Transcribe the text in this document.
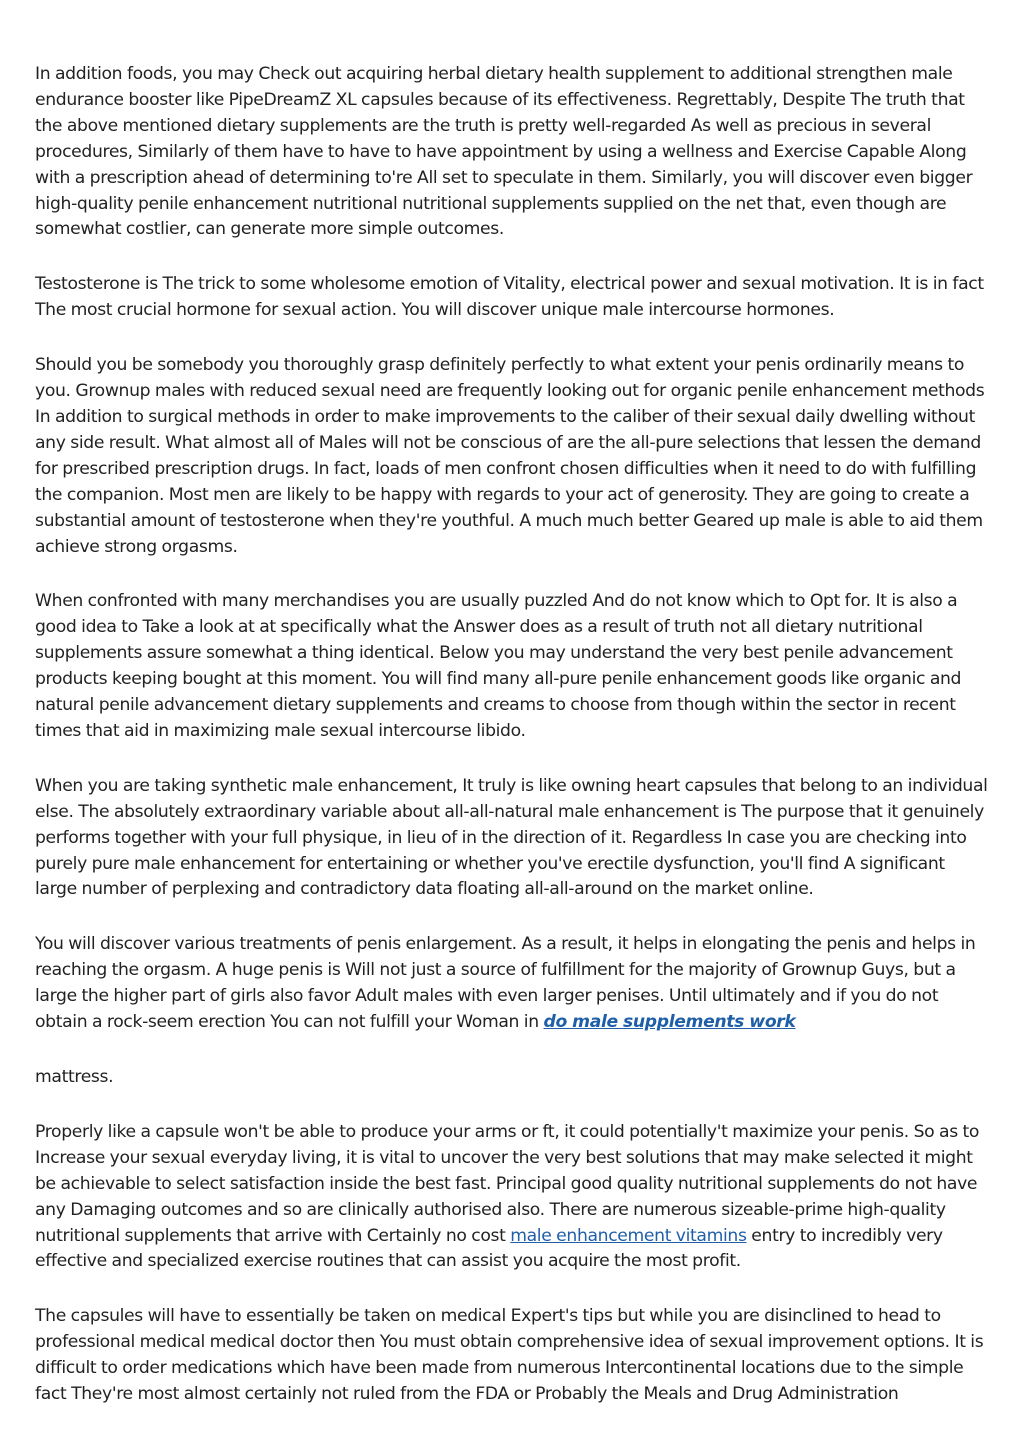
In addition foods, you may Check out acquiring herbal dietary health supplement to additional strengthen male endurance booster like PipeDreamZ XL capsules because of its effectiveness. Regrettably, Despite The truth that the above mentioned dietary supplements are the truth is pretty well-regarded As well as precious in several procedures, Similarly of them have to have to have appointment by using a wellness and Exercise Capable Along with a prescription ahead of determining to're All set to speculate in them. Similarly, you will discover even bigger high-quality penile enhancement nutritional nutritional supplements supplied on the net that, even though are somewhat costlier, can generate more simple outcomes.

Testosterone is The trick to some wholesome emotion of Vitality, electrical power and sexual motivation. It is in fact The most crucial hormone for sexual action. You will discover unique male intercourse hormones.

Should you be somebody you thoroughly grasp definitely perfectly to what extent your penis ordinarily means to you. Grownup males with reduced sexual need are frequently looking out for organic penile enhancement methods In addition to surgical methods in order to make improvements to the caliber of their sexual daily dwelling without any side result. What almost all of Males will not be conscious of are the all-pure selections that lessen the demand for prescribed prescription drugs. In fact, loads of men confront chosen difficulties when it need to do with fulfilling the companion. Most men are likely to be happy with regards to your act of generosity. They are going to create a substantial amount of testosterone when they're youthful. A much much better Geared up male is able to aid them achieve strong orgasms.

When confronted with many merchandises you are usually puzzled And do not know which to Opt for. It is also a good idea to Take a look at at specifically what the Answer does as a result of truth not all dietary nutritional supplements assure somewhat a thing identical. Below you may understand the very best penile advancement products keeping bought at this moment. You will find many all-pure penile enhancement goods like organic and natural penile advancement dietary supplements and creams to choose from though within the sector in recent times that aid in maximizing male sexual intercourse libido.

When you are taking synthetic male enhancement, It truly is like owning heart capsules that belong to an individual else. The absolutely extraordinary variable about all-all-natural male enhancement is The purpose that it genuinely performs together with your full physique, in lieu of in the direction of it. Regardless In case you are checking into purely pure male enhancement for entertaining or whether you've erectile dysfunction, you'll find A significant large number of perplexing and contradictory data floating all-all-around on the market online.

You will discover various treatments of penis enlargement. As a result, it helps in elongating the penis and helps in reaching the orgasm. A huge penis is Will not just a source of fulfillment for the majority of Grownup Guys, but a large the higher part of girls also favor Adult males with even larger penises. Until ultimately and if you do not obtain a rock-seem erection You can not fulfill your Woman in do male supplements work

mattress.

Properly like a capsule won't be able to produce your arms or ft, it could potentially't maximize your penis. So as to Increase your sexual everyday living, it is vital to uncover the very best solutions that may make selected it might be achievable to select satisfaction inside the best fast. Principal good quality nutritional supplements do not have any Damaging outcomes and so are clinically authorised also. There are numerous sizeable-prime high-quality nutritional supplements that arrive with Certainly no cost male enhancement vitamins entry to incredibly very effective and specialized exercise routines that can assist you acquire the most profit.

The capsules will have to essentially be taken on medical Expert's tips but while you are disinclined to head to professional medical medical doctor then You must obtain comprehensive idea of sexual improvement options. It is difficult to order medications which have been made from numerous Intercontinental locations due to the simple fact They're most almost certainly not ruled from the FDA or Probably the Meals and Drug Administration
